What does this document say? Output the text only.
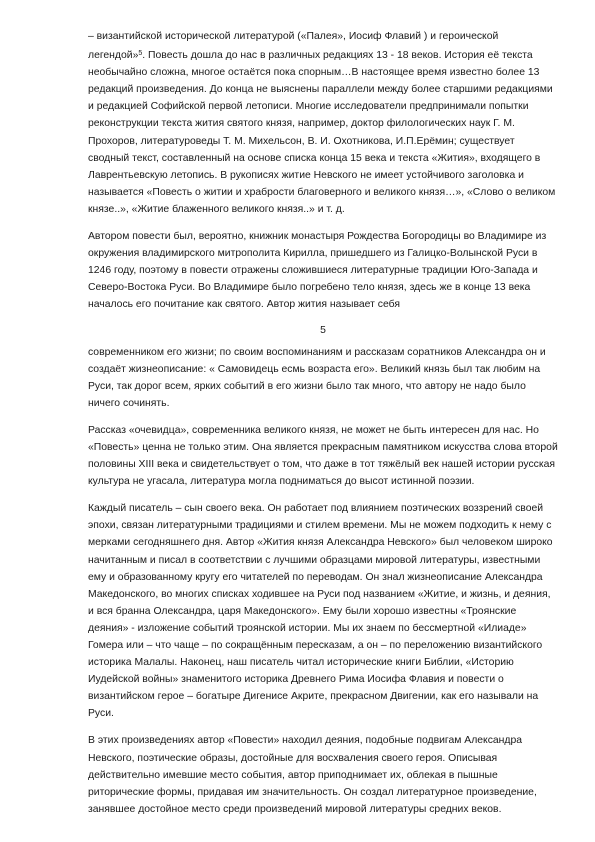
– византийской исторической литературой («Палея», Иосиф Флавий ) и героической легендой»$^5$. Повесть дошла до нас в различных редакциях 13 - 18 веков. История её текста необычайно сложна, многое остаётся пока спорным…В настоящее время известно более 13 редакций произведения. До конца не выяснены параллели между более старшими редакциями и редакцией Софийской первой летописи. Многие исследователи предпринимали попытки реконструкции текста жития святого князя, например, доктор филологических наук Г. М. Прохоров, литературоведы Т. М. Михельсон, В. И. Охотникова, И.П.Ерёмин; существует сводный текст, составленный на основе списка конца 15 века и текста «Жития», входящего в Лаврентьевскую летопись. В рукописях житие Невского не имеет устойчивого заголовка и называется «Повесть о житии и храбрости благоверного и великого князя…», «Слово о великом князе..», «Житие блаженного великого князя..» и т. д.

Автором повести был, вероятно, книжник монастыря Рождества Богородицы во Владимире из окружения владимирского митрополита Кирилла, пришедшего из Галицко-Волынской Руси в 1246 году, поэтому в повести отражены сложившиеся литературные традиции Юго-Запада и Северо-Востока Руси. Во Владимире было погребено тело князя, здесь же в конце 13 века началось его почитание как святого. Автор жития называет себя

5

современником его жизни; по своим воспоминаниям и рассказам соратников Александра он и создаёт жизнеописание: « Самовидець есмь возраста его». Великий князь был так любим на Руси, так дорог всем, ярких событий в его жизни было так много, что автору не надо было ничего сочинять.

Рассказ «очевидца», современника великого князя, не может не быть интересен для нас. Но «Повесть» ценна не только этим. Она является прекрасным памятником искусства слова второй половины XIII века и свидетельствует о том, что даже в тот тяжёлый век нашей истории русская культура не угасала, литература могла подниматься до высот истинной поэзии.

Каждый писатель – сын своего века. Он работает под влиянием поэтических воззрений своей эпохи, связан литературными традициями и стилем времени. Мы не можем подходить к нему с мерками сегодняшнего дня. Автор «Жития князя Александра Невского» был человеком широко начитанным и писал в соответствии с лучшими образцами мировой литературы, известными ему и образованному кругу его читателей по переводам. Он знал жизнеописание Александра Македонского, во многих списках ходившее на Руси под названием «Житие, и жизнь, и деяния, и вся бранна Олександра, царя Македонского». Ему были хорошо известны «Троянские деяния» - изложение событий троянской истории. Мы их знаем по бессмертной «Илиаде» Гомера или – что чаще – по сокращённым пересказам, а он – по переложению византийского историка Малалы. Наконец, наш писатель читал исторические книги Библии, «Историю Иудейской войны» знаменитого историка Древнего Рима Иосифа Флавия и повести о византийском герое – богатыре Дигенисе Акрите, прекрасном Двигении, как его называли на Руси.

В этих произведениях автор «Повести» находил деяния, подобные подвигам Александра Невского, поэтические образы, достойные для восхваления своего героя. Описывая действительно имевшие место события, автор приподнимает их, облекая в пышные риторические формы, придавая им значительность. Он создал литературное произведение, занявшее достойное место среди произведений мировой литературы средних веков.
